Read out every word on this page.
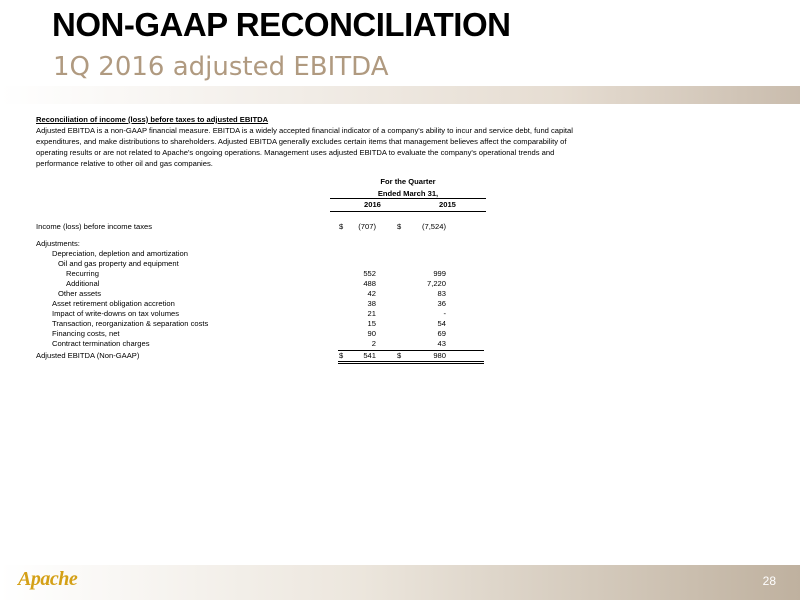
NON-GAAP RECONCILIATION
1Q 2016 adjusted EBITDA
Reconciliation of income (loss) before taxes to adjusted EBITDA

Adjusted EBITDA is a non-GAAP financial measure. EBITDA is a widely accepted financial indicator of a company's ability to incur and service debt, fund capital expenditures, and make distributions to shareholders. Adjusted EBITDA generally excludes certain items that management believes affect the comparability of operating results or are not related to Apache's ongoing operations. Management uses adjusted EBITDA to evaluate the company's operational trends and performance relative to other oil and gas companies.

For the Quarter
Ended March 31,
2016	2015
Income (loss) before income taxes	$ (707)	$	(7,524)
Adjustments:
Depreciation, depletion and amortization
Oil and gas property and equipment
Recurring	552	999
Additional	488	7,220
Other assets	42	83
Asset retirement obligation accretion	38	36
Impact of write-downs on tax volumes	21	-
Transaction, reorganization & separation costs	15	54
Financing costs, net	90	69
Contract termination charges	2	43
Adjusted EBITDA (Non-GAAP)	$	541	$	980
Apache	28
